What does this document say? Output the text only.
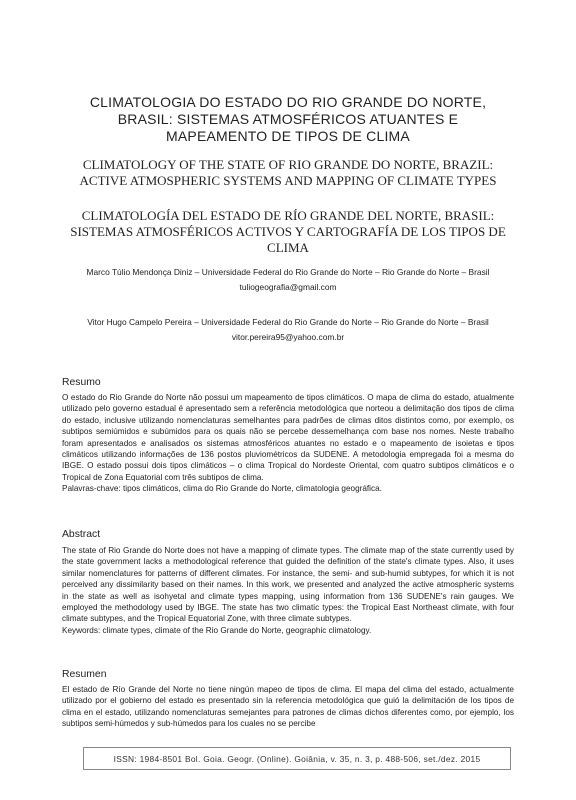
CLIMATOLOGIA DO ESTADO DO RIO GRANDE DO NORTE, BRASIL: SISTEMAS ATMOSFÉRICOS ATUANTES E MAPEAMENTO DE TIPOS DE CLIMA
CLIMATOLOGY OF THE STATE OF RIO GRANDE DO NORTE, BRAZIL: ACTIVE ATMOSPHERIC SYSTEMS AND MAPPING OF CLIMATE TYPES
CLIMATOLOGÍA DEL ESTADO DE RÍO GRANDE DEL NORTE, BRASIL: SISTEMAS ATMOSFÉRICOS ACTIVOS Y CARTOGRAFÍA DE LOS TIPOS DE CLIMA
Marco Túlio Mendonça Diniz – Universidade Federal do Rio Grande do Norte – Rio Grande do Norte – Brasil
tuliogeografia@gmail.com
Vitor Hugo Campelo Pereira – Universidade Federal do Rio Grande do Norte – Rio Grande do Norte – Brasil
vitor.pereira95@yahoo.com.br
Resumo

O estado do Rio Grande do Norte não possui um mapeamento de tipos climáticos. O mapa de clima do estado, atualmente utilizado pelo governo estadual é apresentado sem a referência metodológica que norteou a delimitação dos tipos de clima do estado, inclusive utilizando nomenclaturas semelhantes para padrões de climas ditos distintos como, por exemplo, os subtipos semiúmidos e subúmidos para os quais não se percebe dessemelhança com base nos nomes. Neste trabalho foram apresentados e analisados os sistemas atmosféricos atuantes no estado e o mapeamento de isoietas e tipos climáticos utilizando informações de 136 postos pluviométricos da SUDENE. A metodologia empregada foi a mesma do IBGE. O estado possui dois tipos climáticos – o clima Tropical do Nordeste Oriental, com quatro subtipos climáticos e o Tropical de Zona Equatorial com três subtipos de clima.

Palavras-chave: tipos climáticos, clima do Rio Grande do Norte, climatologia geográfica.

Abstract

The state of Rio Grande do Norte does not have a mapping of climate types. The climate map of the state currently used by the state government lacks a methodological reference that guided the definition of the state's climate types. Also, it uses similar nomenclatures for patterns of different climates. For instance, the semi- and sub-humid subtypes, for which it is not perceived any dissimilarity based on their names. In this work, we presented and analyzed the active atmospheric systems in the state as well as isohyetal and climate types mapping, using information from 136 SUDENE's rain gauges. We employed the methodology used by IBGE. The state has two climatic types: the Tropical East Northeast climate, with four climate subtypes, and the Tropical Equatorial Zone, with three climate subtypes.

Keywords: climate types, climate of the Rio Grande do Norte, geographic climatology.

Resumen

El estado de Río Grande del Norte no tiene ningún mapeo de tipos de clima. El mapa del clima del estado, actualmente utilizado por el gobierno del estado es presentado sin la referencia metodológica que guió la delimitación de los tipos de clima en el estado, utilizando nomenclaturas semejantes para patrones de climas dichos diferentes como, por ejemplo, los subtipos semi-húmedos y sub-húmedos para los cuales no se percibe

ISSN: 1984-8501 Bol. Goia. Geogr. (Online). Goiânia, v. 35, n. 3, p. 488-506, set./dez. 2015
